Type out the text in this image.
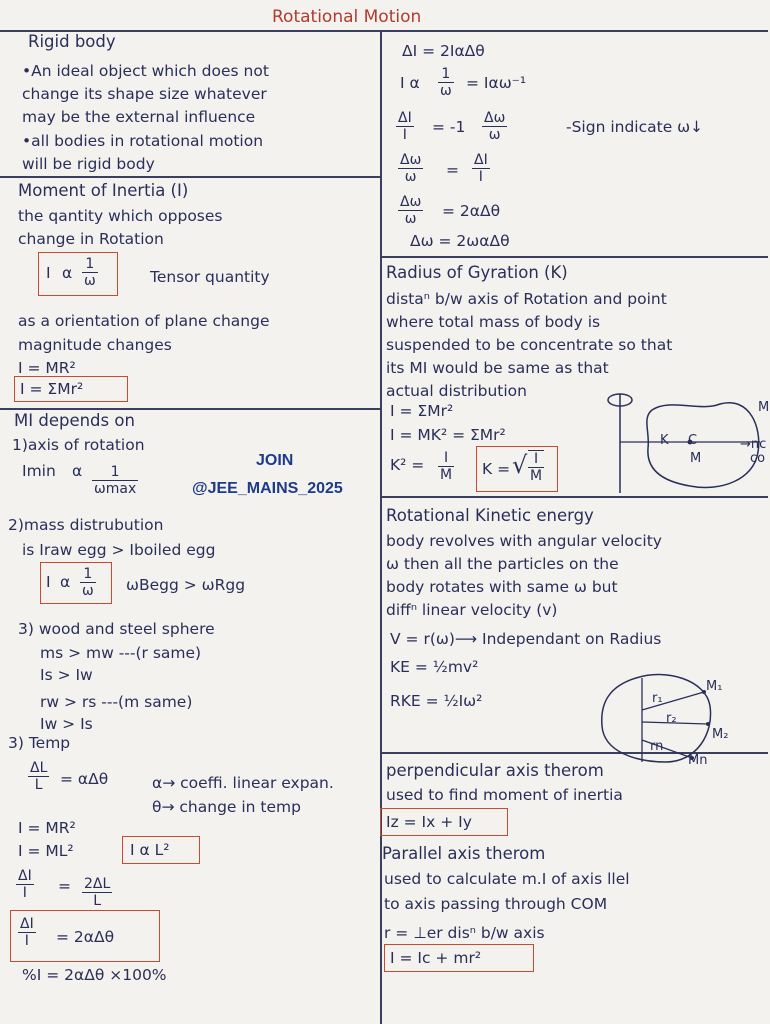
Rotational Motion
Rigid body
•An ideal object which does not
change its shape size whatever
may be the external influence
•all bodies in rotational motion
will be rigid body
Moment of Inertia (I)
the qantity which opposes
change in Rotation
I α $\frac{1}{\omega}$	Tensor quantity
as a orientation of plane change
magnitude changes
I = MR²
I = ΣMr²
MI depends on
1)axis of rotation
Imin α	1
ωmax
2)mass distrubution
is Iraw egg > Iboiled egg
I α $\frac{1}{\omega}$ ωBegg > ωRgg
3) wood and steel sphere
ms > mw ---(r same)
Is > Iw
rw > rs ---(m same)
Iw > Is
3) Temp
$\frac{\Delta L}{L} = \alpha\Delta\theta$	α→ coeffi. linear expan.
θ→ change in temp
I = MR²
I = ML²	I α L²
$\frac{\Delta I}{I} = \frac{2\Delta L}{L}$
$\frac{\Delta I}{I} = 2\alpha\Delta\theta$
%I = 2αΔθ ×100%
JOIN
@JEE_MAINS_2025
ΔI = 2IαΔθ
I α $\frac{1}{\omega} = I\alpha\omega^{-1}$
$\frac{\Delta I}{I} = -1 \frac{\Delta\omega}{\omega}$	-Sign indicate ω↓
$\frac{\Delta\omega}{\omega} = \frac{\Delta I}{I}$
$\frac{\Delta\omega}{\omega} = 2\alpha\Delta\theta$
Δω = 2ωαΔθ
Radius of Gyration (K)
distaⁿ b/w axis of Rotation and point
where total mass of body is
suspended to be concentrate so that
its MI would be same as that
actual distribution
I = ΣMr²
I = MK² = ΣMr²
$K^2 = \frac{I}{M}$ K = √ $\frac{I}{M}$
M
K C
M
→nc
co
Rotational Kinetic energy
body revolves with angular velocity
ω then all the particles on the
body rotates with same ω but
diffⁿ linear velocity (v)
V = r(ω)⟶ Independant on Radius
KE = ½mv²
RKE = ½Iω²	r₁
r₂
rn
M₁
M₂
Mn
perpendicular axis therom
used to find moment of inertia
Iz = Ix + Iy
Parallel axis therom
used to calculate m.I of axis llel
to axis passing through COM
r = ⊥er disⁿ b/w axis
I = Ic + mr²
